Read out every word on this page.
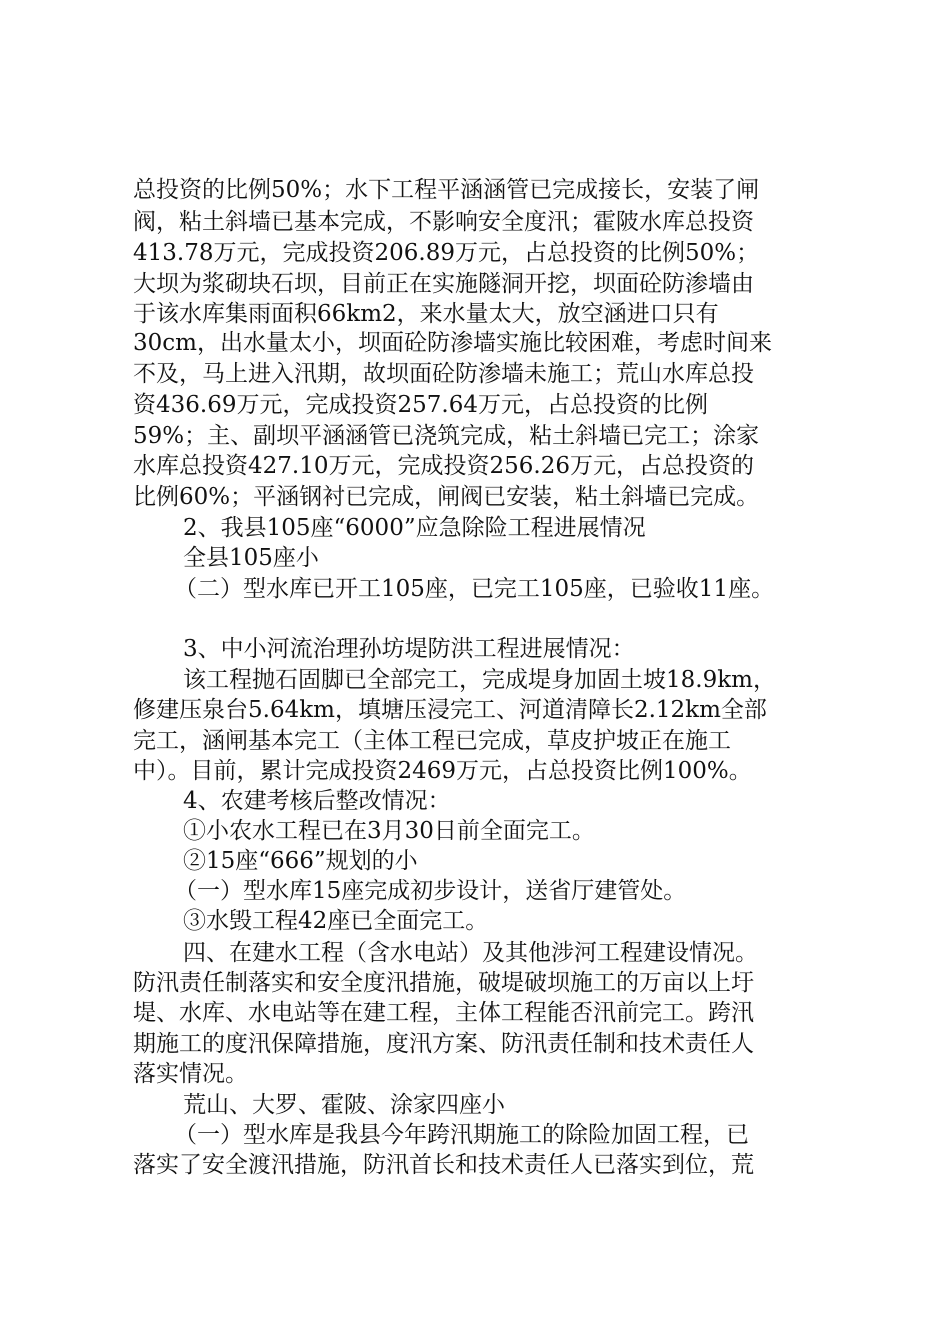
总投资的比例50%；水下工程平涵涵管已完成接长，安装了闸
阀，粘土斜墙已基本完成，不影响安全度汛；霍陂水库总投资
413.78万元，完成投资206.89万元，占总投资的比例50%；
大坝为浆砌块石坝，目前正在实施隧洞开挖，坝面砼防渗墙由
于该水库集雨面积66km2，来水量太大，放空涵进口只有
30cm，出水量太小，坝面砼防渗墙实施比较困难，考虑时间来
不及，马上进入汛期，故坝面砼防渗墙未施工；荒山水库总投
资436.69万元，完成投资257.64万元，占总投资的比例
59%；主、副坝平涵涵管已浇筑完成，粘土斜墙已完工；涂家
水库总投资427.10万元，完成投资256.26万元，占总投资的
比例60%；平涵钢衬已完成，闸阀已安装，粘土斜墙已完成。
2、我县105座“6000”应急除险工程进展情况
全县105座小
（二）型水库已开工105座，已完工105座，已验收11座。
3、中小河流治理孙坊堤防洪工程进展情况：
该工程抛石固脚已全部完工，完成堤身加固土坡18.9km，
修建压泉台5.64km，填塘压浸完工、河道清障长2.12km全部
完工，涵闸基本完工（主体工程已完成，草皮护坡正在施工
中）。目前，累计完成投资2469万元，占总投资比例100%。
4、农建考核后整改情况：
①小农水工程已在3月30日前全面完工。
②15座“666”规划的小
（一）型水库15座完成初步设计，送省厅建管处。
③水毁工程42座已全面完工。
四、在建水工程（含水电站）及其他涉河工程建设情况。
防汛责任制落实和安全度汛措施，破堤破坝施工的万亩以上圩
堤、水库、水电站等在建工程，主体工程能否汛前完工。跨汛
期施工的度汛保障措施，度汛方案、防汛责任制和技术责任人
落实情况。
荒山、大罗、霍陂、涂家四座小
（一）型水库是我县今年跨汛期施工的除险加固工程，已
落实了安全渡汛措施，防汛首长和技术责任人已落实到位，荒
